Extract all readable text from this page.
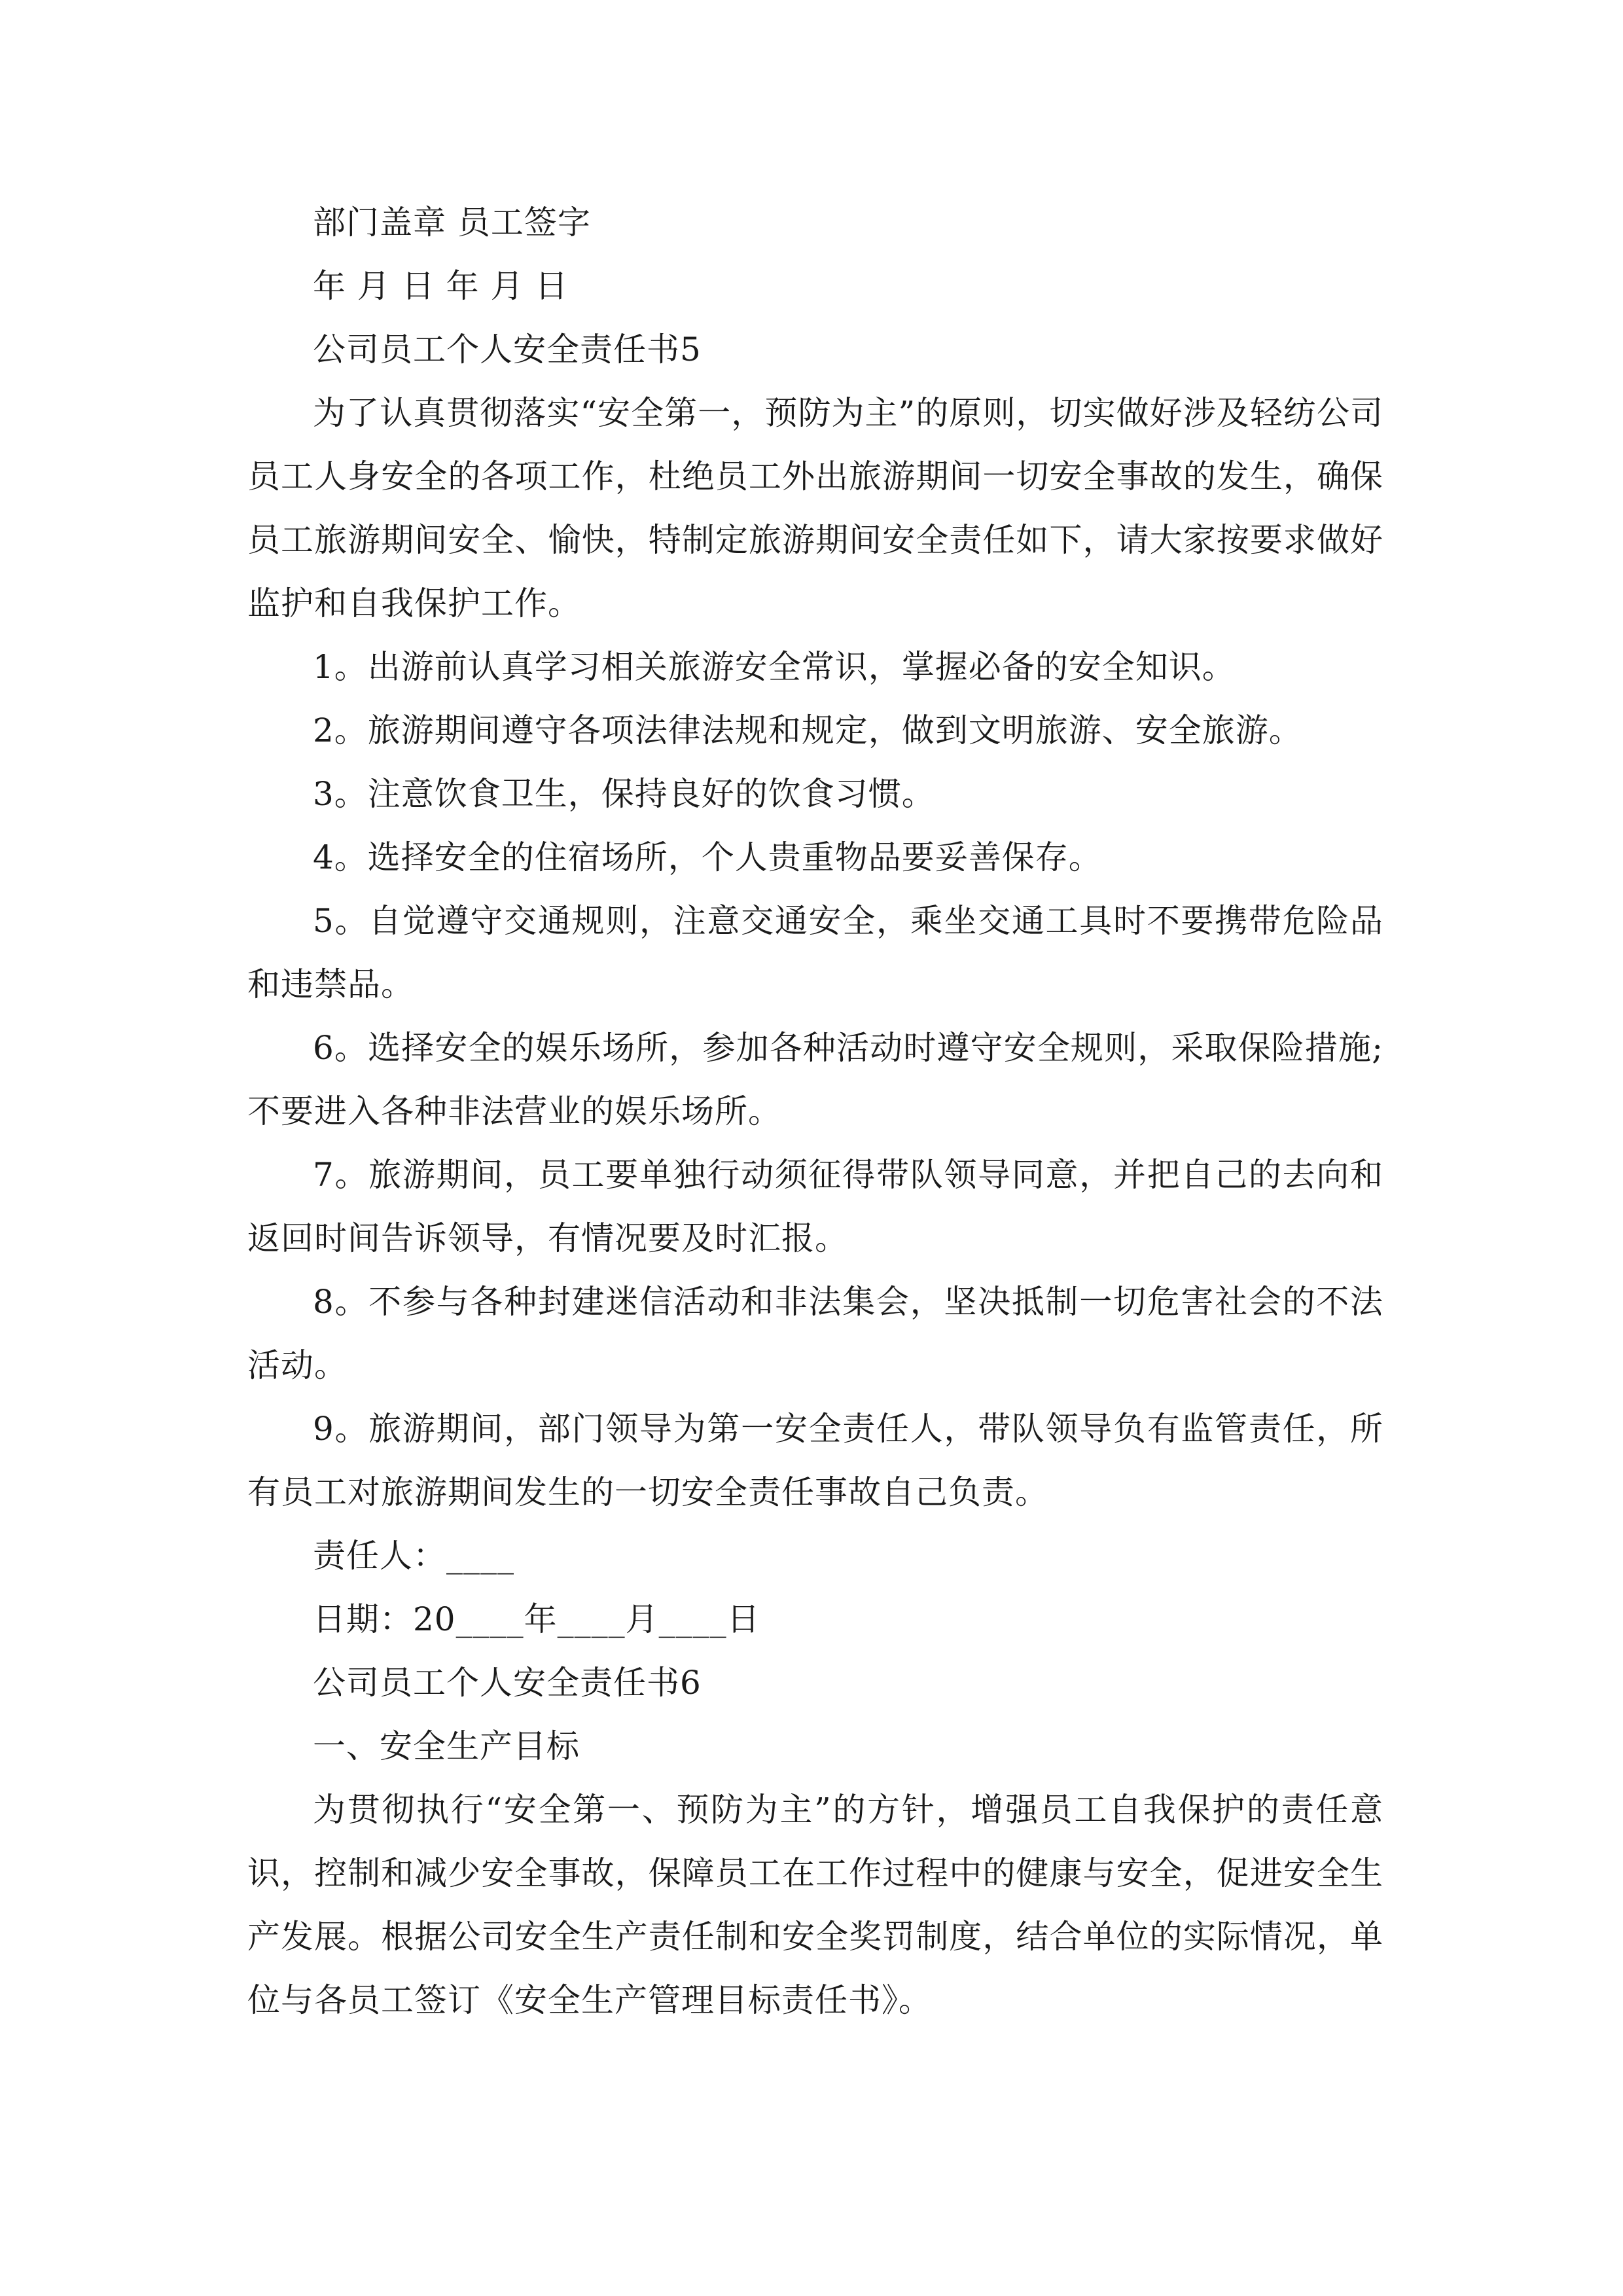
部门盖章 员工签字

年 月 日 年 月 日

公司员工个人安全责任书5

为了认真贯彻落实“安全第一，预防为主”的原则，切实做好涉及轻纺公司员工人身安全的各项工作，杜绝员工外出旅游期间一切安全事故的发生，确保员工旅游期间安全、愉快，特制定旅游期间安全责任如下，请大家按要求做好监护和自我保护工作。

1。出游前认真学习相关旅游安全常识，掌握必备的安全知识。

2。旅游期间遵守各项法律法规和规定，做到文明旅游、安全旅游。

3。注意饮食卫生，保持良好的饮食习惯。

4。选择安全的住宿场所，个人贵重物品要妥善保存。

5。自觉遵守交通规则，注意交通安全，乘坐交通工具时不要携带危险品和违禁品。

6。选择安全的娱乐场所，参加各种活动时遵守安全规则，采取保险措施;不要进入各种非法营业的娱乐场所。

7。旅游期间，员工要单独行动须征得带队领导同意，并把自己的去向和返回时间告诉领导，有情况要及时汇报。

8。不参与各种封建迷信活动和非法集会，坚决抵制一切危害社会的不法活动。

9。旅游期间，部门领导为第一安全责任人，带队领导负有监管责任，所有员工对旅游期间发生的一切安全责任事故自己负责。

责任人：____

日期：20____年____月____日

公司员工个人安全责任书6

一、安全生产目标

为贯彻执行“安全第一、预防为主”的方针，增强员工自我保护的责任意识，控制和减少安全事故，保障员工在工作过程中的健康与安全，促进安全生产发展。根据公司安全生产责任制和安全奖罚制度，结合单位的实际情况，单位与各员工签订《安全生产管理目标责任书》。
